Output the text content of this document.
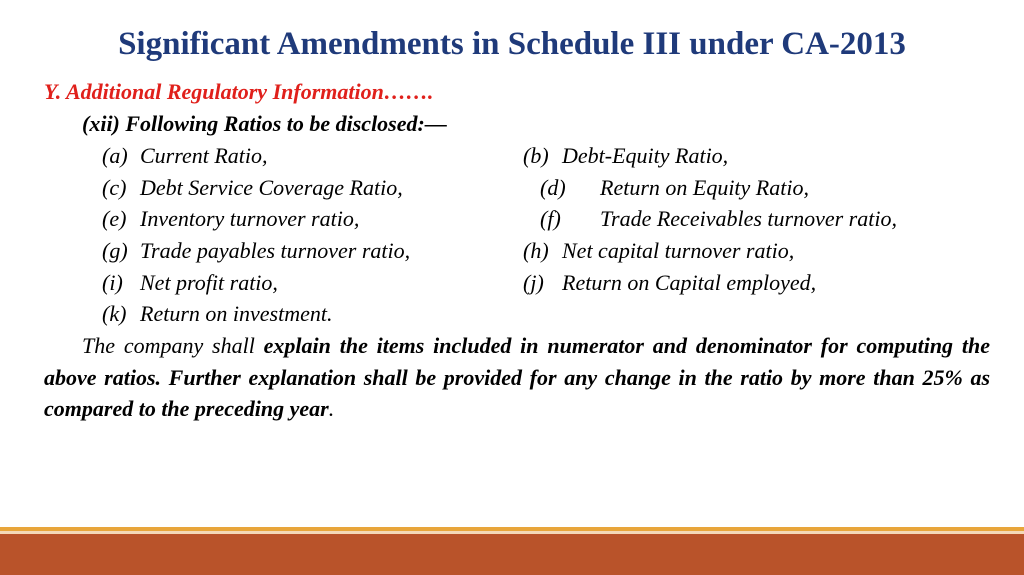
Significant Amendments in Schedule III under CA-2013
Y. Additional Regulatory Information…….
(xii) Following Ratios to be disclosed:—
(a) Current Ratio,
(c) Debt Service Coverage Ratio,
(e) Inventory turnover ratio,
(g) Trade payables turnover ratio,
(i) Net profit ratio,
(k) Return on investment.
(b) Debt-Equity Ratio,
(d) Return on Equity Ratio,
(f) Trade Receivables turnover ratio,
(h) Net capital turnover ratio,
(j) Return on Capital employed,

The company shall explain the items included in numerator and denominator for computing the above ratios. Further explanation shall be provided for any change in the ratio by more than 25% as compared to the preceding year.
